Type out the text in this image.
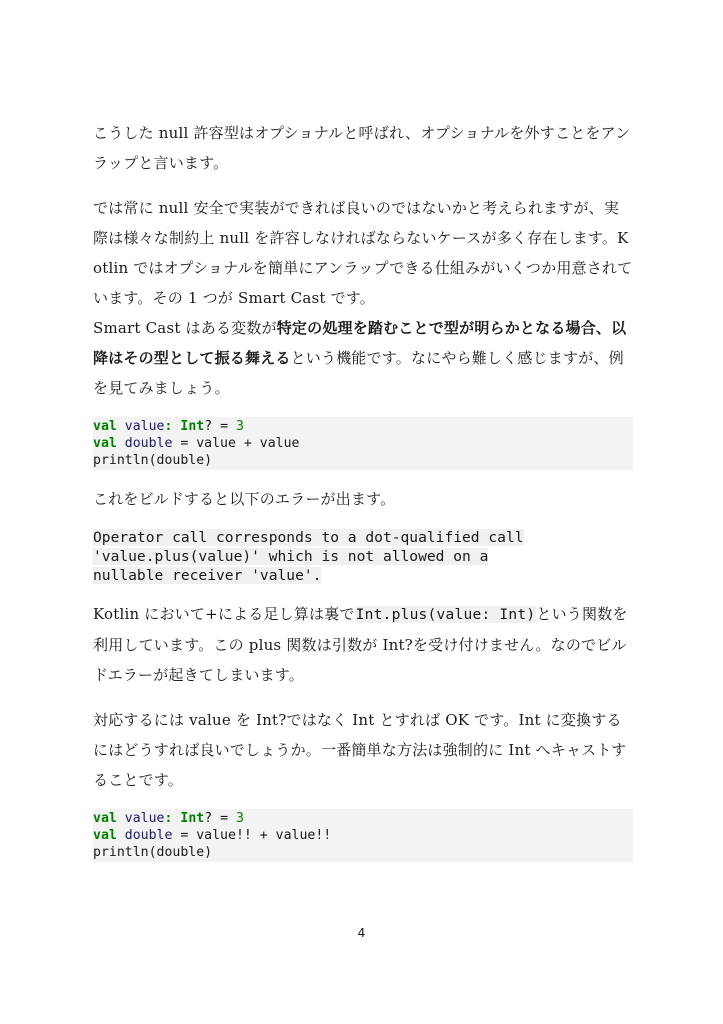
こうした null 許容型はオプショナルと呼ばれ、オプショナルを外すことをアンラップと言います。

では常に null 安全で実装ができれば良いのではないかと考えられますが、実際は様々な制約上 null を許容しなければならないケースが多く存在します。Kotlin ではオプショナルを簡単にアンラップできる仕組みがいくつか用意されています。その 1 つが Smart Cast です。

Smart Cast はある変数が特定の処理を踏むことで型が明らかとなる場合、以降はその型として振る舞えるという機能です。なにやら難しく感じますが、例を見てみましょう。

val value: Int? = 3
val double = value + value
println(double)

これをビルドすると以下のエラーが出ます。

Operator call corresponds to a dot-qualified call
'value.plus(value)' which is not allowed on a
nullable receiver 'value'.

Kotlin において+による足し算は裏でInt.plus(value: Int)という関数を利用しています。この plus 関数は引数が Int?を受け付けません。なのでビルドエラーが起きてしまいます。

対応するには value を Int?ではなく Int とすれば OK です。Int に変換するにはどうすれば良いでしょうか。一番簡単な方法は強制的に Int へキャストすることです。

val value: Int? = 3
val double = value!! + value!!
println(double)
4
